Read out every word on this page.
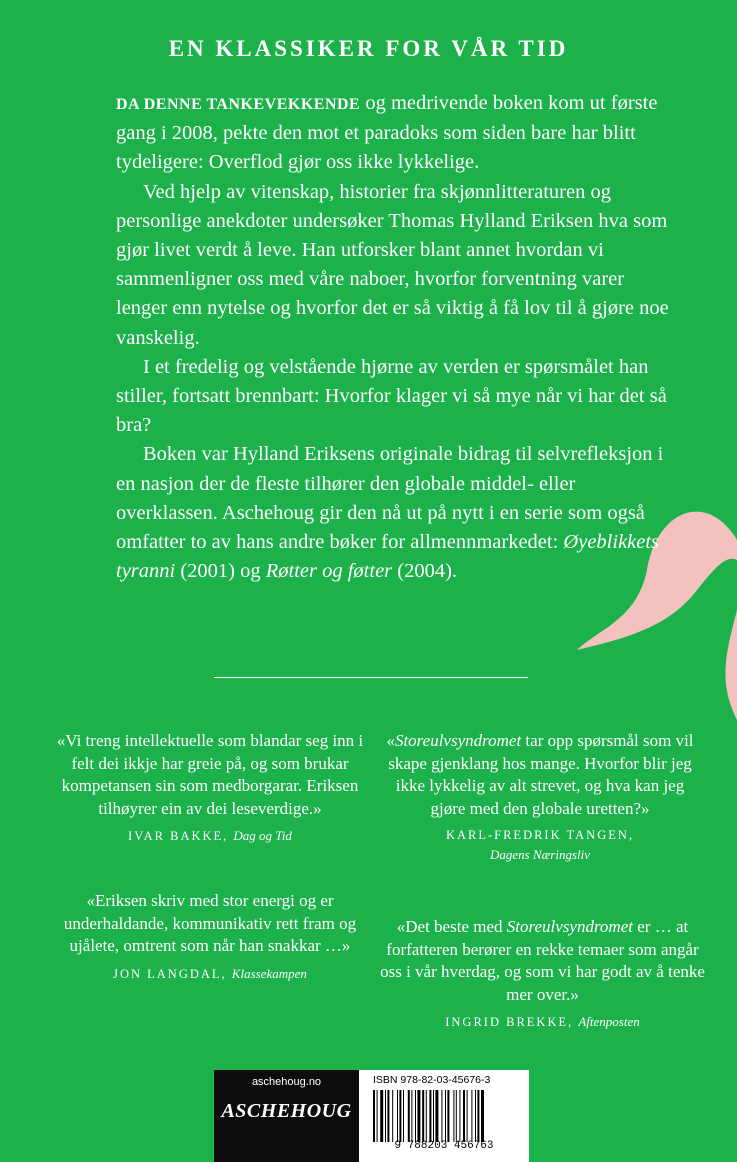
EN KLASSIKER FOR VÅR TID

DA DENNE TANKEVEKKENDE og medrivende boken kom ut første gang i 2008, pekte den mot et paradoks som siden bare har blitt tydeligere: Overflod gjør oss ikke lykkelige.

Ved hjelp av vitenskap, historier fra skjønnlitteraturen og personlige anekdoter undersøker Thomas Hylland Eriksen hva som gjør livet verdt å leve. Han utforsker blant annet hvordan vi sammenligner oss med våre naboer, hvorfor forventning varer lenger enn nytelse og hvorfor det er så viktig å få lov til å gjøre noe vanskelig.

I et fredelig og velstående hjørne av verden er spørsmålet han stiller, fortsatt brennbart: Hvorfor klager vi så mye når vi har det så bra?

Boken var Hylland Eriksens originale bidrag til selvrefleksjon i en nasjon der de fleste tilhører den globale middel- eller overklassen. Aschehoug gir den nå ut på nytt i en serie som også omfatter to av hans andre bøker for allmennmarkedet: Øyeblikkets tyranni (2001) og Røtter og føtter (2004).

«Vi treng intellektuelle som blandar seg inn i felt dei ikkje har greie på, og som brukar kompetansen sin som medborgarar. Eriksen tilhøyrer ein av dei leseverdige.»

IVAR BAKKE, Dag og Tid

«Eriksen skriv med stor energi og er underhaldande, kommunikativ rett fram og ujålete, omtrent som når han snakkar …»

JON LANGDAL, Klassekampen

«Storeulvsyndromet tar opp spørsmål som vil skape gjenklang hos mange. Hvorfor blir jeg ikke lykkelig av alt strevet, og hva kan jeg gjøre med den globale uretten?»

KARL-FREDRIK TANGEN,
Dagens Næringsliv

«Det beste med Storeulvsyndromet er … at forfatteren berører en rekke temaer som angår oss i vår hverdag, og som vi har godt av å tenke mer over.»

INGRID BREKKE, Aftenposten
aschehoug.no
ASCHEHOUG
ISBN 978-82-03-45676-3
9 788203 456763
